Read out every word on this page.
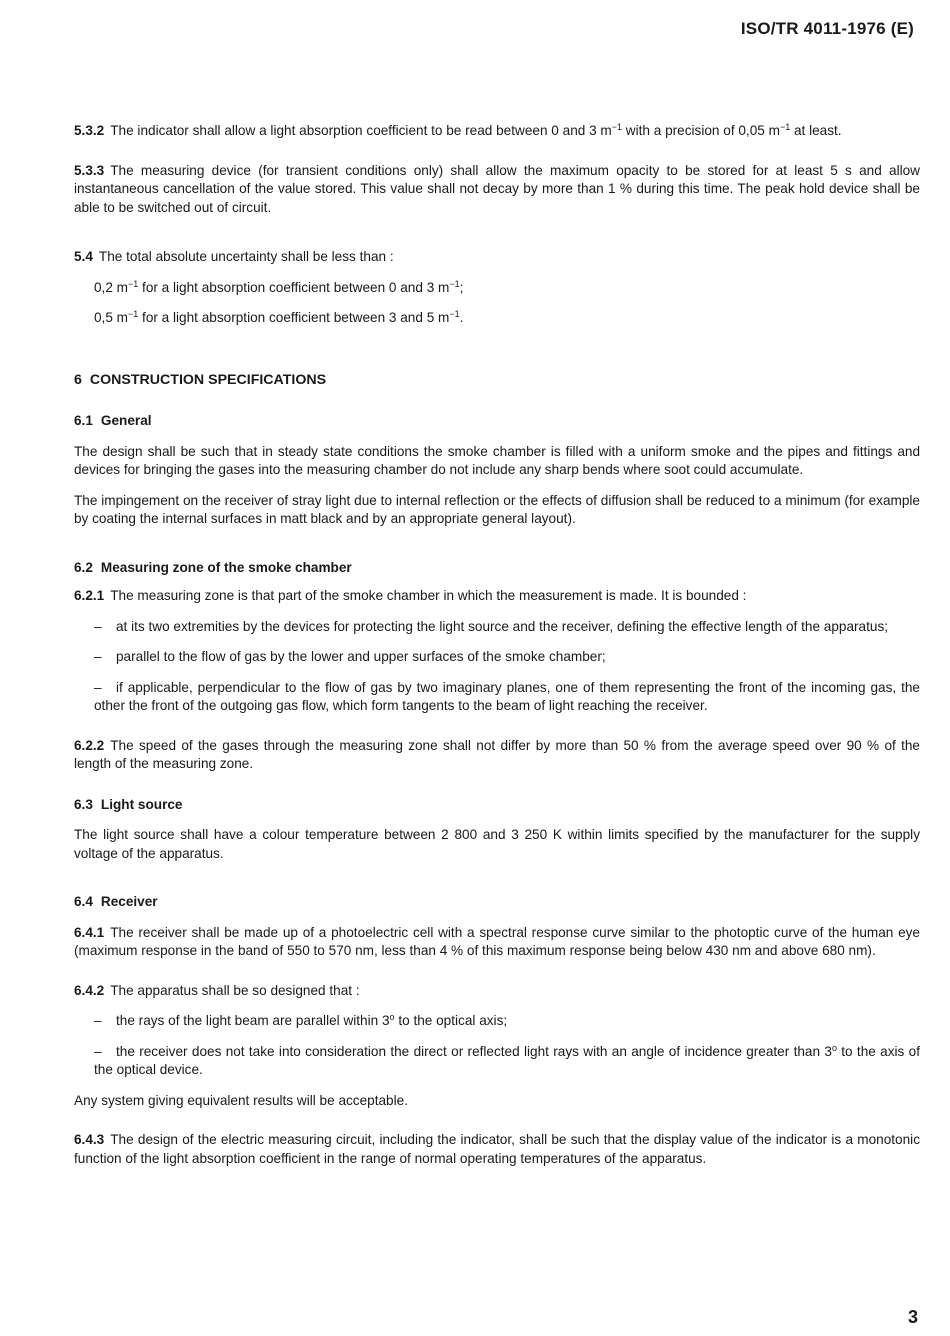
ISO/TR 4011-1976 (E)

5.3.2 The indicator shall allow a light absorption coefficient to be read between 0 and 3 $m^{-1}$ with a precision of 0,05 $m^{-1}$ at least.

5.3.3 The measuring device (for transient conditions only) shall allow the maximum opacity to be stored for at least 5 s and allow instantaneous cancellation of the value stored. This value shall not decay by more than 1 % during this time. The peak hold device shall be able to be switched out of circuit.

5.4 The total absolute uncertainty shall be less than :

0,2 $m^{-1}$ for a light absorption coefficient between 0 and 3 $m^{-1}$;

0,5 $m^{-1}$ for a light absorption coefficient between 3 and 5 $m^{-1}$.

6 CONSTRUCTION SPECIFICATIONS

6.1 General

The design shall be such that in steady state conditions the smoke chamber is filled with a uniform smoke and the pipes and fittings and devices for bringing the gases into the measuring chamber do not include any sharp bends where soot could accumulate.

The impingement on the receiver of stray light due to internal reflection or the effects of diffusion shall be reduced to a minimum (for example by coating the internal surfaces in matt black and by an appropriate general layout).

6.2 Measuring zone of the smoke chamber

6.2.1 The measuring zone is that part of the smoke chamber in which the measurement is made. It is bounded :

– at its two extremities by the devices for protecting the light source and the receiver, defining the effective length of the apparatus;

– parallel to the flow of gas by the lower and upper surfaces of the smoke chamber;

– if applicable, perpendicular to the flow of gas by two imaginary planes, one of them representing the front of the incoming gas, the other the front of the outgoing gas flow, which form tangents to the beam of light reaching the receiver.

6.2.2 The speed of the gases through the measuring zone shall not differ by more than 50 % from the average speed over 90 % of the length of the measuring zone.

6.3 Light source

The light source shall have a colour temperature between 2 800 and 3 250 K within limits specified by the manufacturer for the supply voltage of the apparatus.

6.4 Receiver

6.4.1 The receiver shall be made up of a photoelectric cell with a spectral response curve similar to the photoptic curve of the human eye (maximum response in the band of 550 to 570 nm, less than 4 % of this maximum response being below 430 nm and above 680 nm).

6.4.2 The apparatus shall be so designed that :

– the rays of the light beam are parallel within 3$^o$ to the optical axis;

– the receiver does not take into consideration the direct or reflected light rays with an angle of incidence greater than 3$^o$ to the axis of the optical device.

Any system giving equivalent results will be acceptable.

6.4.3 The design of the electric measuring circuit, including the indicator, shall be such that the display value of the indicator is a monotonic function of the light absorption coefficient in the range of normal operating temperatures of the apparatus.

3
